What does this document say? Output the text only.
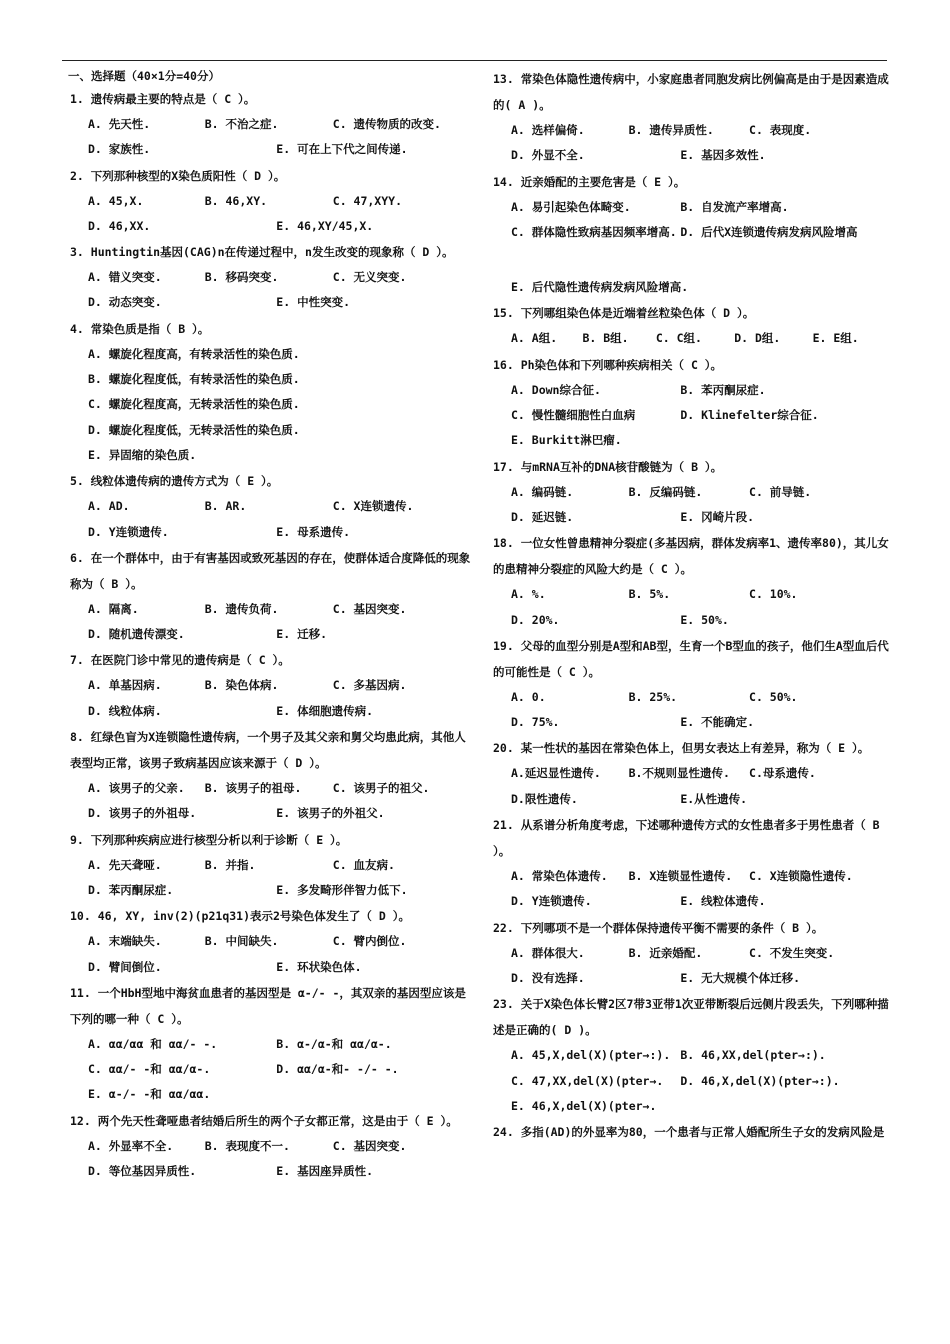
一、选择题（40×1分=40分）
1. 遗传病最主要的特点是（ C ）。
A. 先天性.	B. 不治之症.	C. 遗传物质的改变.
D. 家族性.	E. 可在上下代之间传递.
2. 下列那种核型的X染色质阳性（ D ）。
A. 45,X.	B. 46,XY.	C. 47,XYY.
D. 46,XX.	E. 46,XY/45,X.
3. Huntingtin基因(CAG)n在传递过程中，n发生改变的现象称（ D ）。
A. 错义突变.	B. 移码突变.	C. 无义突变.
D. 动态突变.	E. 中性突变.
4. 常染色质是指（ B ）。
A. 螺旋化程度高，有转录活性的染色质.
B. 螺旋化程度低，有转录活性的染色质.
C. 螺旋化程度高，无转录活性的染色质.
D. 螺旋化程度低，无转录活性的染色质.
E. 异固缩的染色质.
5. 线粒体遗传病的遗传方式为（ E ）。
A. AD.	B. AR.	C. X连锁遗传.
D. Y连锁遗传.	E. 母系遗传.
6. 在一个群体中，由于有害基因或致死基因的存在，使群体适合度降低的现象称为（ B ）。
A. 隔离.	B. 遗传负荷.	C. 基因突变.
D. 随机遗传漂变.	E. 迁移.
7. 在医院门诊中常见的遗传病是（ C ）。
A. 单基因病.	B. 染色体病.	C. 多基因病.
D. 线粒体病.	E. 体细胞遗传病.
8. 红绿色盲为X连锁隐性遗传病，一个男子及其父亲和舅父均患此病，其他人表型均正常，该男子致病基因应该来源于（ D ）。
A. 该男子的父亲.	B. 该男子的祖母.	C. 该男子的祖父.
D. 该男子的外祖母.	E. 该男子的外祖父.
9. 下列那种疾病应进行核型分析以利于诊断（ E ）。
A. 先天聋哑.	B. 并指.	C. 血友病.
D. 苯丙酮尿症.	E. 多发畸形伴智力低下.
10. 46, XY, inv(2)(p21q31)表示2号染色体发生了（ D ）。
A. 末端缺失.	B. 中间缺失.	C. 臂内倒位.
D. 臂间倒位.	E. 环状染色体.
11. 一个HbH型地中海贫血患者的基因型是 α-/- -，其双亲的基因型应该是下列的哪一种（ C ）。
A. αα/αα 和 αα/- -.	B. α-/α-和 αα/α-.
C. αα/- -和 αα/α-.	D. αα/α-和- -/- -.
E. α-/- -和 αα/αα.
12. 两个先天性聋哑患者结婚后所生的两个子女都正常，这是由于（ E ）。
A. 外显率不全.	B. 表现度不一.	C. 基因突变.
D. 等位基因异质性.	E. 基因座异质性.
13. 常染色体隐性遗传病中，小家庭患者同胞发病比例偏高是由于是因素造成的( A )。
A. 选样偏倚.	B. 遗传异质性.	C. 表现度.
D. 外显不全.	E. 基因多效性.
14. 近亲婚配的主要危害是（ E ）。
A. 易引起染色体畸变.	B. 自发流产率增高.
C. 群体隐性致病基因频率增高. D. 后代X连锁遗传病发病风险增高
E. 后代隐性遗传病发病风险增高.
15. 下列哪组染色体是近端着丝粒染色体（ D ）。
A. A组.	B. B组.	C. C组.	D. D组.	E. E组.
16. Ph染色体和下列哪种疾病相关（ C ）。
A. Down综合征.	B. 苯丙酮尿症.
C. 慢性髓细胞性白血病	D. Klinefelter综合征.
E. Burkitt淋巴瘤.
17. 与mRNA互补的DNA核苷酸链为（ B ）。
A. 编码链.	B. 反编码链.	C. 前导链.
D. 延迟链.	E. 冈崎片段.
18. 一位女性曾患精神分裂症(多基因病，群体发病率1、遗传率80)，其儿女的患精神分裂症的风险大约是（ C ）。
A. %.	B. 5%.	C. 10%.
D. 20%.	E. 50%.
19. 父母的血型分别是A型和AB型，生育一个B型血的孩子，他们生A型血后代的可能性是（ C ）。
A. 0.	B. 25%.	C. 50%.
D. 75%.	E. 不能确定.
20. 某一性状的基因在常染色体上，但男女表达上有差异，称为（ E ）。
A.延迟显性遗传.	B.不规则显性遗传.	C.母系遗传.
D.限性遗传.	E.从性遗传.
21. 从系谱分析角度考虑，下述哪种遗传方式的女性患者多于男性患者（ B ）。
A. 常染色体遗传.	B. X连锁显性遗传.	C. X连锁隐性遗传.
D. Y连锁遗传.	E. 线粒体遗传.
22. 下列哪项不是一个群体保持遗传平衡不需要的条件（ B ）。
A. 群体很大.	B. 近亲婚配.	C. 不发生突变.
D. 没有选择.	E. 无大规模个体迁移.
23. 关于X染色体长臂2区7带3亚带1次亚带断裂后远侧片段丢失，下列哪种描述是正确的( D )。
A. 45,X,del(X)(pter→:). B. 46,XX,del(pter→:).
C. 47,XX,del(X)(pter→.	D. 46,X,del(X)(pter→:).
E. 46,X,del(X)(pter→.
24. 多指(AD)的外显率为80，一个患者与正常人婚配所生子女的发病风险是
